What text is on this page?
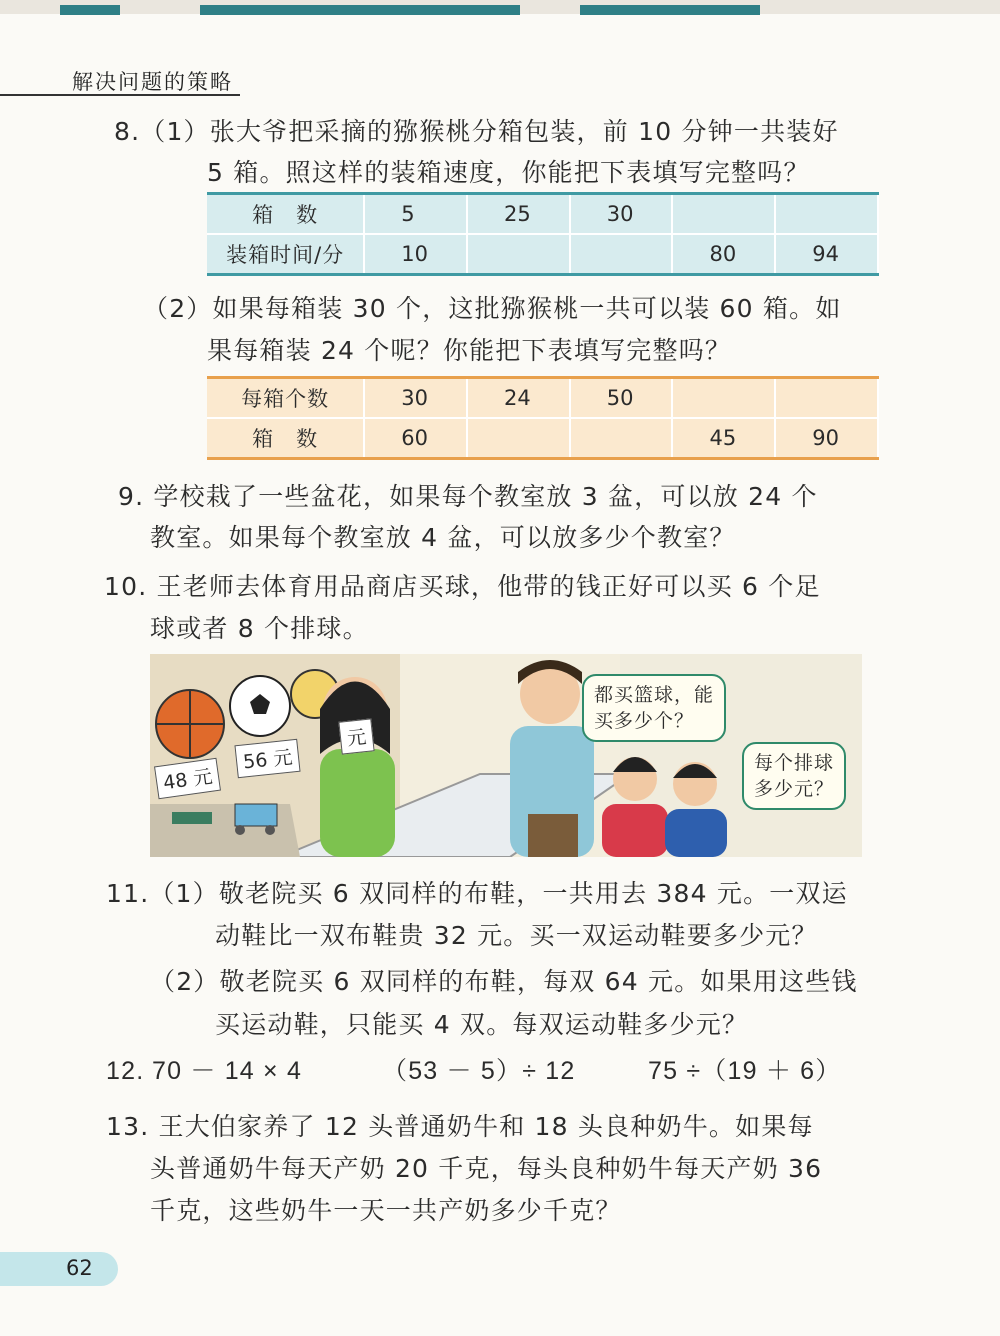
解决问题的策略
8.（1）张大爷把采摘的猕猴桃分箱包装，前 10 分钟一共装好
5 箱。照这样的装箱速度，你能把下表填写完整吗？
箱　数	5	25	30		
装箱时间/分	10			80	94
（2）如果每箱装 30 个，这批猕猴桃一共可以装 60 箱。如
果每箱装 24 个呢？你能把下表填写完整吗？
每箱个数	30	24	50		
箱　数	60			45	90
9. 学校栽了一些盆花，如果每个教室放 3 盆，可以放 24 个
教室。如果每个教室放 4 盆，可以放多少个教室？
10. 王老师去体育用品商店买球，他带的钱正好可以买 6 个足
球或者 8 个排球。
48 元
56 元
元
都买篮球，能
买多少个？
每个排球
多少元？
11.（1）敬老院买 6 双同样的布鞋，一共用去 384 元。一双运
动鞋比一双布鞋贵 32 元。买一双运动鞋要多少元？
（2）敬老院买 6 双同样的布鞋，每双 64 元。如果用这些钱
买运动鞋，只能买 4 双。每双运动鞋多少元？
12. 70 － 14 × 4	（53 － 5）÷ 12	75 ÷（19 ＋ 6）
13. 王大伯家养了 12 头普通奶牛和 18 头良种奶牛。如果每
头普通奶牛每天产奶 20 千克，每头良种奶牛每天产奶 36
千克，这些奶牛一天一共产奶多少千克？
62
